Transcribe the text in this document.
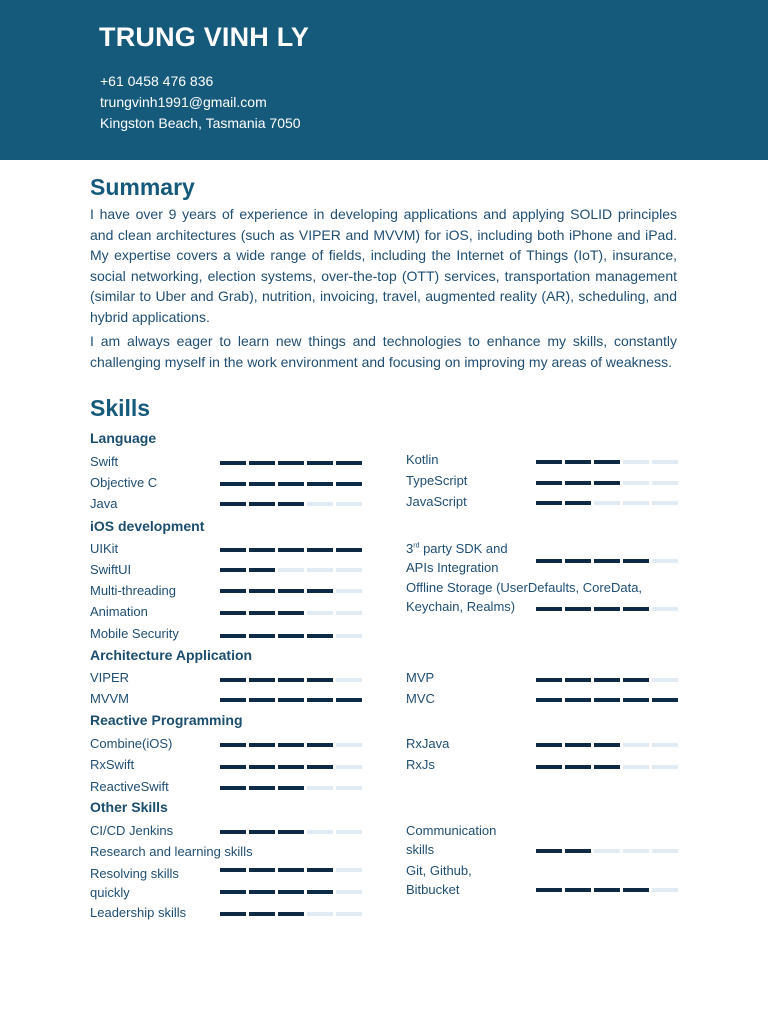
TRUNG VINH LY
+61 0458 476 836
trungvinh1991@gmail.com
Kingston Beach, Tasmania 7050
Summary

I have over 9 years of experience in developing applications and applying SOLID principles and clean architectures (such as VIPER and MVVM) for iOS, including both iPhone and iPad. My expertise covers a wide range of fields, including the Internet of Things (IoT), insurance, social networking, election systems, over-the-top (OTT) services, transportation management (similar to Uber and Grab), nutrition, invoicing, travel, augmented reality (AR), scheduling, and hybrid applications.

I am always eager to learn new things and technologies to enhance my skills, constantly challenging myself in the work environment and focusing on improving my areas of weakness.

Skills
Language
iOS development
Architecture Application
Reactive Programming
Other Skills
Swift
Objective C
Java
UIKit
SwiftUI
Multi-threading
Animation
Mobile Security
VIPER
MVVM
Combine(iOS)
RxSwift
ReactiveSwift
CI/CD Jenkins
Research and learning skills
Resolving skills
quickly
Leadership skills
Kotlin
TypeScript
JavaScript
3rd party SDK and
APIs Integration
Offline Storage (UserDefaults, CoreData,
Keychain, Realms)
MVP
MVC
RxJava
RxJs
Communication
skills
Git, Github,
Bitbucket
